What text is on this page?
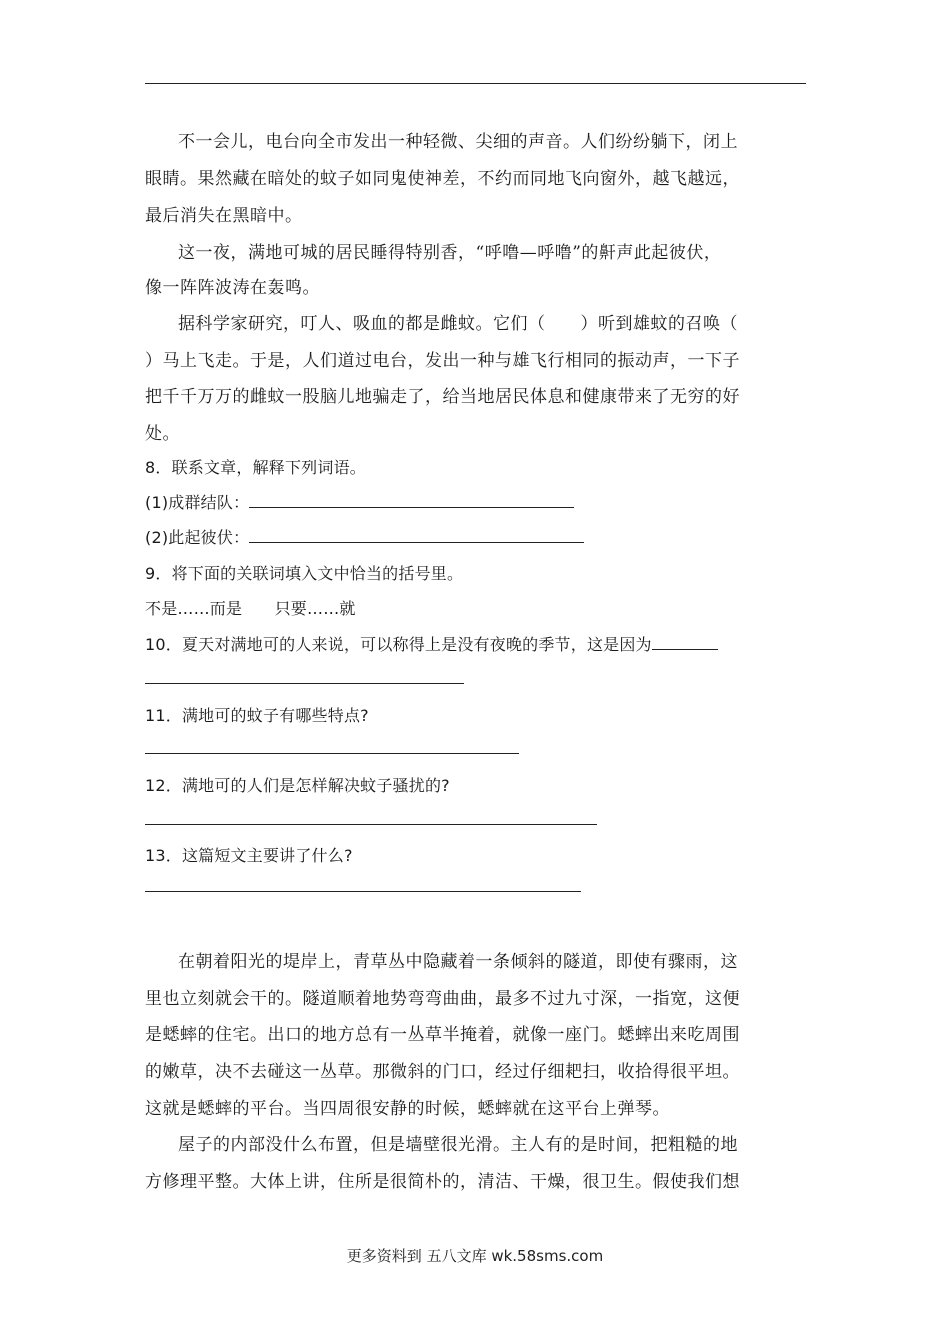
不一会儿，电台向全市发出一种轻微、尖细的声音。人们纷纷躺下，闭上
眼睛。果然藏在暗处的蚊子如同鬼使神差，不约而同地飞向窗外，越飞越远，
最后消失在黑暗中。
这一夜，满地可城的居民睡得特别香，“呼噜—呼噜”的鼾声此起彼伏，
像一阵阵波涛在轰鸣。
据科学家研究，叮人、吸血的都是雌蚊。它们（　　）听到雄蚊的召唤（
）马上飞走。于是，人们道过电台，发出一种与雄飞行相同的振动声，一下子
把千千万万的雌蚊一股脑儿地骗走了，给当地居民体息和健康带来了无穷的好
处。
8．联系文章，解释下列词语。
(1)成群结队：
(2)此起彼伏：
9．将下面的关联词填入文中恰当的括号里。
不是……而是　　只要……就
10．夏天对满地可的人来说，可以称得上是没有夜晚的季节，这是因为
11．满地可的蚊子有哪些特点?
12．满地可的人们是怎样解决蚊子骚扰的?
13．这篇短文主要讲了什么?
在朝着阳光的堤岸上，青草丛中隐藏着一条倾斜的隧道，即使有骤雨，这
里也立刻就会干的。隧道顺着地势弯弯曲曲，最多不过九寸深，一指宽，这便
是蟋蟀的住宅。出口的地方总有一丛草半掩着，就像一座门。蟋蟀出来吃周围
的嫩草，决不去碰这一丛草。那微斜的门口，经过仔细耙扫，收拾得很平坦。
这就是蟋蟀的平台。当四周很安静的时候，蟋蟀就在这平台上弹琴。
屋子的内部没什么布置，但是墙壁很光滑。主人有的是时间，把粗糙的地
方修理平整。大体上讲，住所是很简朴的，清洁、干燥，很卫生。假使我们想
更多资料到 五八文库 wk.58sms.com
